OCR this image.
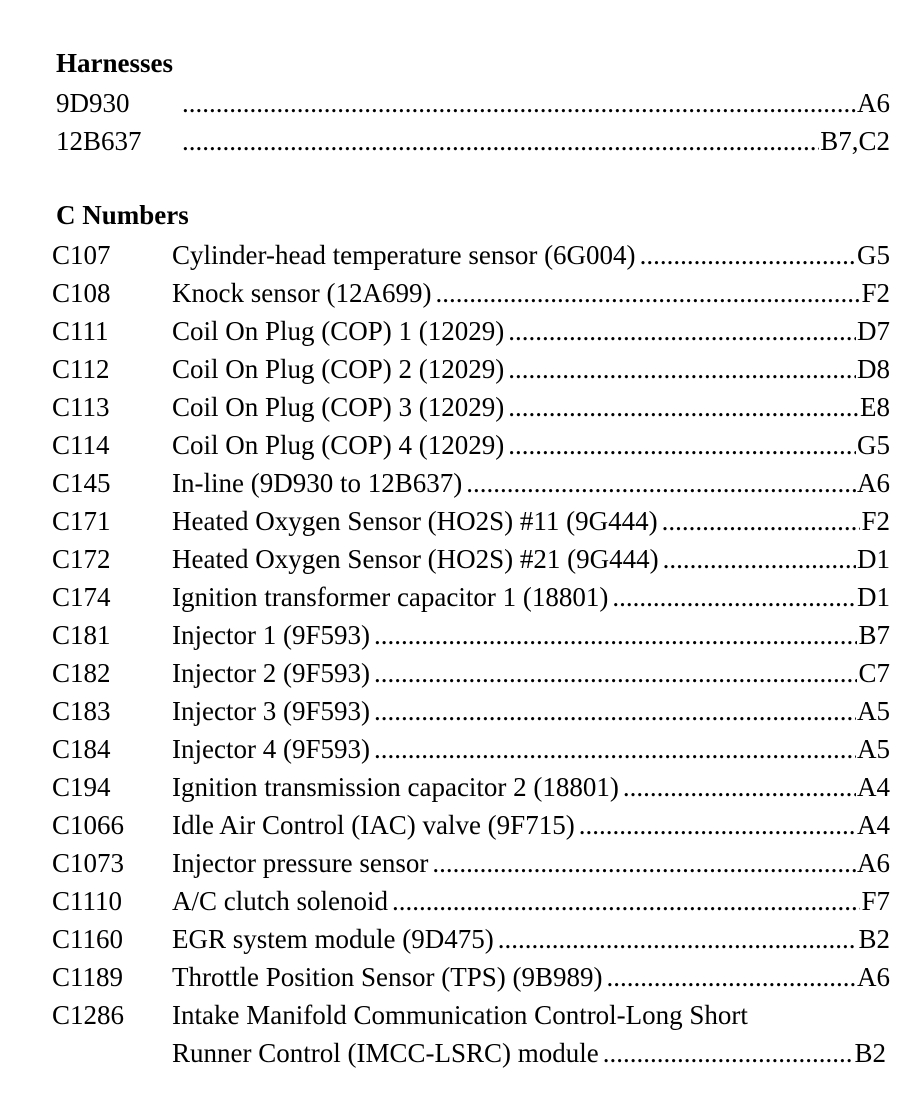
Harnesses
9D930 .....	A6
12B637 .....	B7,C2
C Numbers
C107	Cylinder-head temperature sensor (6G004) .....	G5
C108	Knock sensor (12A699) .....	F2
C111	Coil On Plug (COP) 1 (12029) .....	D7
C112	Coil On Plug (COP) 2 (12029) .....	D8
C113	Coil On Plug (COP) 3 (12029) .....	E8
C114	Coil On Plug (COP) 4 (12029) .....	G5
C145	In-line (9D930 to 12B637) .....	A6
C171	Heated Oxygen Sensor (HO2S) #11 (9G444) .....	F2
C172	Heated Oxygen Sensor (HO2S) #21 (9G444) .....	D1
C174	Ignition transformer capacitor 1 (18801) .....	D1
C181	Injector 1 (9F593) .....	B7
C182	Injector 2 (9F593) .....	C7
C183	Injector 3 (9F593) .....	A5
C184	Injector 4 (9F593) .....	A5
C194	Ignition transmission capacitor 2 (18801) .....	A4
C1066	Idle Air Control (IAC) valve (9F715) .....	A4
C1073	Injector pressure sensor .....	A6
C1110	A/C clutch solenoid .....	F7
C1160	EGR system module (9D475) .....	B2
C1189	Throttle Position Sensor (TPS) (9B989) .....	A6
C1286	Intake Manifold Communication Control-Long Short
Runner Control (IMCC-LSRC) module .....	B2
